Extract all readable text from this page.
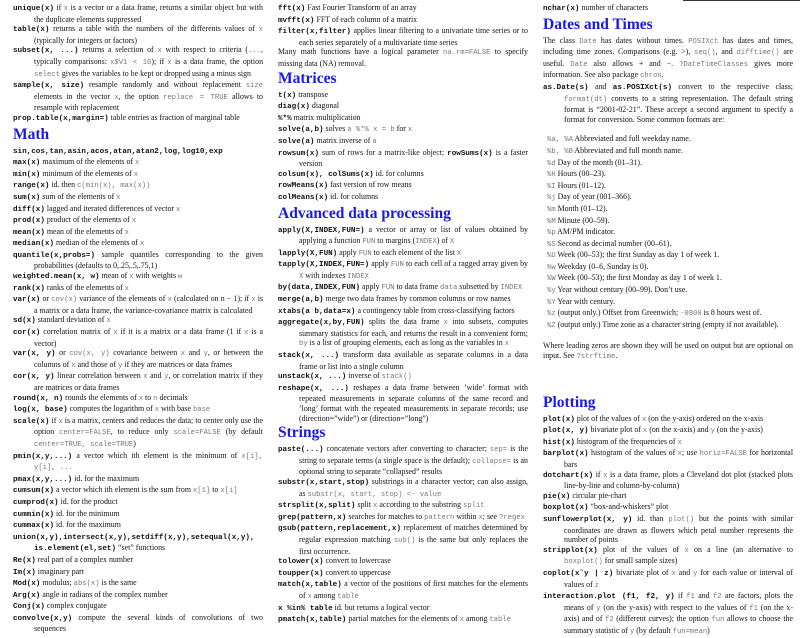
unique(x) if x is a vector or a data frame, returns a similar object but with the duplicate elements suppressed

table(x) returns a table with the numbers of the differents values of x (typically for integers or factors)

subset(x, ...) returns a selection of x with respect to criteria (..., typically comparisons: x$V1 < 10); if x is a data frame, the option select gives the variables to be kept or dropped using a minus sign

sample(x, size) resample randomly and without replacement size elements in the vector x, the option replace = TRUE allows to resample with replacement

prop.table(x,margin=) table entries as fraction of marginal table

Math

sin,cos,tan,asin,acos,atan,atan2,log,log10,exp

max(x) maximum of the elements of x

min(x) minimum of the elements of x

range(x) id. then c(min(x), max(x))

sum(x) sum of the elements of x

diff(x) lagged and iterated differences of vector x

prod(x) product of the elements of x

mean(x) mean of the elements of x

median(x) median of the elements of x

quantile(x,probs=) sample quantiles corresponding to the given probabilities (defaults to 0,.25,.5,.75,1)

weighted.mean(x, w) mean of x with weights w

rank(x) ranks of the elements of x

var(x) or cov(x) variance of the elements of x (calculated on n − 1); if x is a matrix or a data frame, the variance-covariance matrix is calculated

sd(x) standard deviation of x

cor(x) correlation matrix of x if it is a matrix or a data frame (1 if x is a vector)

var(x, y) or cov(x, y) covariance between x and y, or between the columns of x and those of y if they are matrices or data frames

cor(x, y) linear correlation between x and y, or correlation matrix if they are matrices or data frames

round(x, n) rounds the elements of x to n decimals

log(x, base) computes the logarithm of x with base base

scale(x) if x is a matrix, centers and reduces the data; to center only use the option center=FALSE, to reduce only scale=FALSE (by default center=TRUE, scale=TRUE)

pmin(x,y,...) a vector which ith element is the minimum of x[i], y[i], ...

pmax(x,y,...) id. for the maximum

cumsum(x) a vector which ith element is the sum from x[1] to x[i]

cumprod(x) id. for the product

cummin(x) id. for the minimum

cummax(x) id. for the maximum

union(x,y),intersect(x,y),setdiff(x,y),setequal(x,y), is.element(el,set) “set” functions

Re(x) real part of a complex number

Im(x) imaginary part

Mod(x) modulus; abs(x) is the same

Arg(x) angle in radians of the complex number

Conj(x) complex conjugate

convolve(x,y) compute the several kinds of convolutions of two sequences

fft(x) Fast Fourier Transform of an array

mvfft(x) FFT of each column of a matrix

filter(x,filter) applies linear filtering to a univariate time series or to each series separately of a multivariate time series

Many math functions have a logical parameter na.rm=FALSE to specify missing data (NA) removal.

Matrices

t(x) transpose

diag(x) diagonal

%*% matrix multiplication

solve(a,b) solves a %*% x = b for x

solve(a) matrix inverse of a

rowsum(x) sum of rows for a matrix-like object; rowSums(x) is a faster version

colsum(x), colSums(x) id. for columns

rowMeans(x) fast version of row means

colMeans(x) id. for columns

Advanced data processing

apply(X,INDEX,FUN=) a vector or array or list of values obtained by applying a function FUN to margins (INDEX) of X

lapply(X,FUN) apply FUN to each element of the list X

tapply(X,INDEX,FUN=) apply FUN to each cell of a ragged array given by X with indexes INDEX

by(data,INDEX,FUN) apply FUN to data frame data subsetted by INDEX

merge(a,b) merge two data frames by common columns or row names

xtabs(a b,data=x) a contingency table from cross-classifying factors

aggregate(x,by,FUN) splits the data frame x into subsets, computes summary statistics for each, and returns the result in a convenient form; by is a list of grouping elements, each as long as the variables in x

stack(x, ...) transform data available as separate columns in a data frame or list into a single column

unstack(x, ...) inverse of stack()

reshape(x, ...) reshapes a data frame between ’wide’ format with repeated measurements in separate columns of the same record and ’long’ format with the repeated measurements in separate records; use (direction=”wide”) or (direction=”long”)

Strings

paste(...) concatenate vectors after converting to character; sep= is the string to separate terms (a single space is the default); collapse= is an optional string to separate “collapsed” results

substr(x,start,stop) substrings in a character vector; can also assign, as substr(x, start, stop) <- value

strsplit(x,split) split x according to the substring split

grep(pattern,x) searches for matches to pattern within x; see ?regex

gsub(pattern,replacement,x) replacement of matches determined by regular expression matching sub() is the same but only replaces the first occurrence.

tolower(x) convert to lowercase

toupper(x) convert to uppercase

match(x,table) a vector of the positions of first matches for the elements of x among table

x %in% table id. but returns a logical vector

pmatch(x,table) partial matches for the elements of x among table

nchar(x) number of characters

Dates and Times

The class Date has dates without times. POSIXct has dates and times, including time zones. Comparisons (e.g. >), seq(), and difftime() are useful. Date also allows + and −. ?DateTimeClasses gives more information. See also package chron.

as.Date(s) and as.POSIXct(s) convert to the respective class; format(dt) converts to a string representation. The default string format is “2001-02-21”. These accept a second argument to specify a format for conversion. Some common formats are:

%a, %A Abbreviated and full weekday name.

%b, %B Abbreviated and full month name.

%d Day of the month (01–31).

%H Hours (00–23).

%I Hours (01–12).

%j Day of year (001–366).

%m Month (01–12).

%M Minute (00–59).

%p AM/PM indicator.

%S Second as decimal number (00–61).

%U Week (00–53); the first Sunday as day 1 of week 1.

%w Weekday (0–6, Sunday is 0).

%W Week (00–53); the first Monday as day 1 of week 1.

%y Year without century (00–99). Don’t use.

%Y Year with century.

%z (output only.) Offset from Greenwich; -0800 is 8 hours west of.

%Z (output only.) Time zone as a character string (empty if not available).

Where leading zeros are shown they will be used on output but are optional on input. See ?strftime.

Plotting

plot(x) plot of the values of x (on the y-axis) ordered on the x-axis

plot(x, y) bivariate plot of x (on the x-axis) and y (on the y-axis)

hist(x) histogram of the frequencies of x

barplot(x) histogram of the values of x; use horiz=FALSE for horizontal bars

dotchart(x) if x is a data frame, plots a Cleveland dot plot (stacked plots line-by-line and column-by-column)

pie(x) circular pie-chart

boxplot(x) “box-and-whiskers” plot

sunflowerplot(x, y) id. than plot() but the points with similar coordinates are drawn as flowers which petal number represents the number of points

stripplot(x) plot of the values of x on a line (an alternative to boxplot() for small sample sizes)

coplot(x˜y | z) bivariate plot of x and y for each value or interval of values of z

interaction.plot (f1, f2, y) if f1 and f2 are factors, plots the means of y (on the y-axis) with respect to the values of f1 (on the x-axis) and of f2 (different curves); the option fun allows to choose the summary statistic of y (by default fun=mean)
